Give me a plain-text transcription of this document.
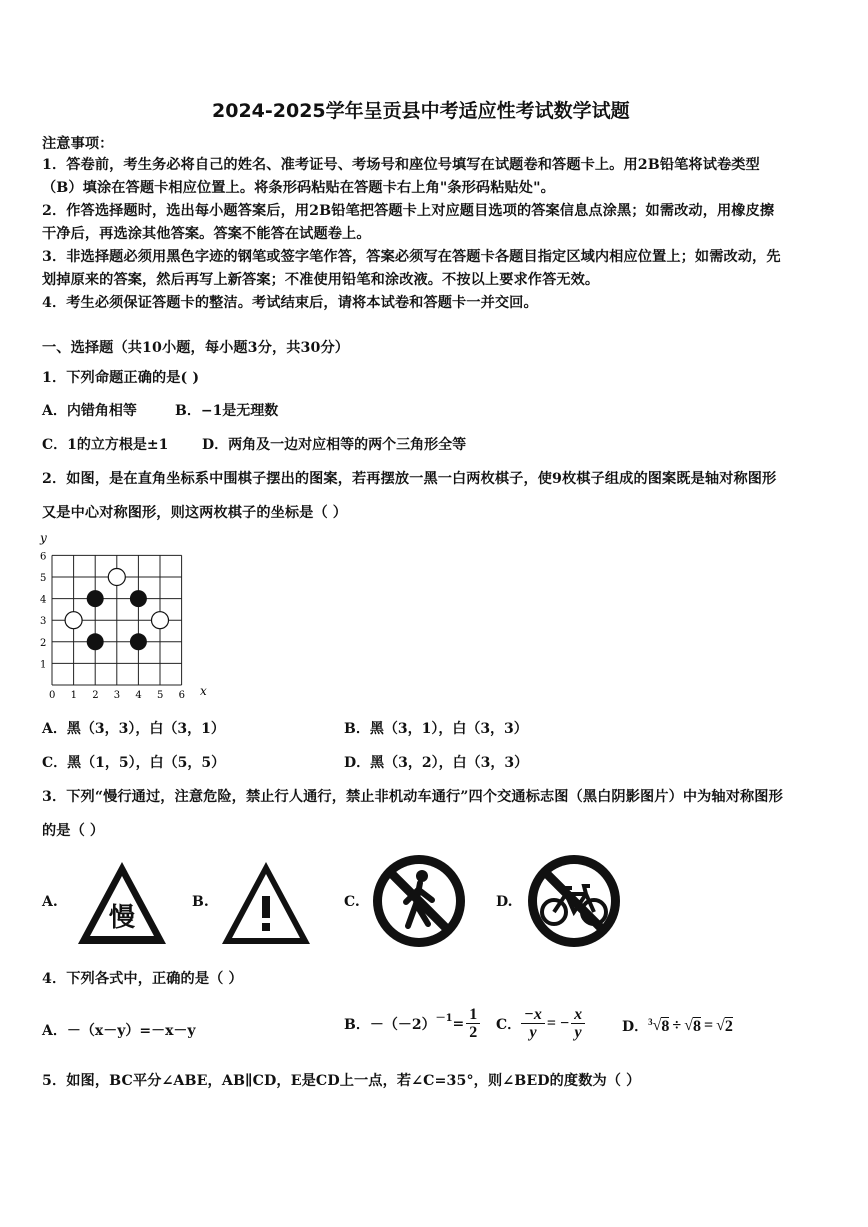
2024-2025学年呈贡县中考适应性考试数学试题
注意事项：
1．答卷前，考生务必将自己的姓名、准考证号、考场号和座位号填写在试题卷和答题卡上。用2B铅笔将试卷类型
（B）填涂在答题卡相应位置上。将条形码粘贴在答题卡右上角"条形码粘贴处"。
2．作答选择题时，选出每小题答案后，用2B铅笔把答题卡上对应题目选项的答案信息点涂黑；如需改动，用橡皮擦
干净后，再选涂其他答案。答案不能答在试题卷上。
3．非选择题必须用黑色字迹的钢笔或签字笔作答，答案必须写在答题卡各题目指定区域内相应位置上；如需改动，先
划掉原来的答案，然后再写上新答案；不准使用铅笔和涂改液。不按以上要求作答无效。
4．考生必须保证答题卡的整洁。考试结束后，请将本试卷和答题卡一并交回。
一、选择题（共10小题，每小题3分，共30分）
1．下列命题正确的是( )
A．内错角相等	B．−1是无理数
C．1的立方根是±1 D．两角及一边对应相等的两个三角形全等
2．如图，是在直角坐标系中围棋子摆出的图案，若再摆放一黑一白两枚棋子，使9枚棋子组成的图案既是轴对称图形
又是中心对称图形，则这两枚棋子的坐标是（ ）
0 1 2 3 4 5 6
1
2
3
4
5
6
y
x
A．黑（3，3），白（3，1）	B．黑（3，1），白（3，3）
C．黑（1，5），白（5，5）	D．黑（3，2），白（3，3）
3．下列“慢行通过，注意危险，禁止行人通行，禁止非机动车通行”四个交通标志图（黑白阴影图片）中为轴对称图形
的是（ ）
A.
慢
B.	C.	D.
4．下列各式中，正确的是（ ）
A．－（x－y）=－x－y	B．$-(-2)^{-1} = \frac{1}{2}$ C． $\frac{-x}{y}$ = − $\frac{x}{y}$	D．$^3$ √ 8 ÷ √ 8 = √ 2
5．如图，BC平分∠ABE，AB∥CD，E是CD上一点，若∠C=35°，则∠BED的度数为（ ）
